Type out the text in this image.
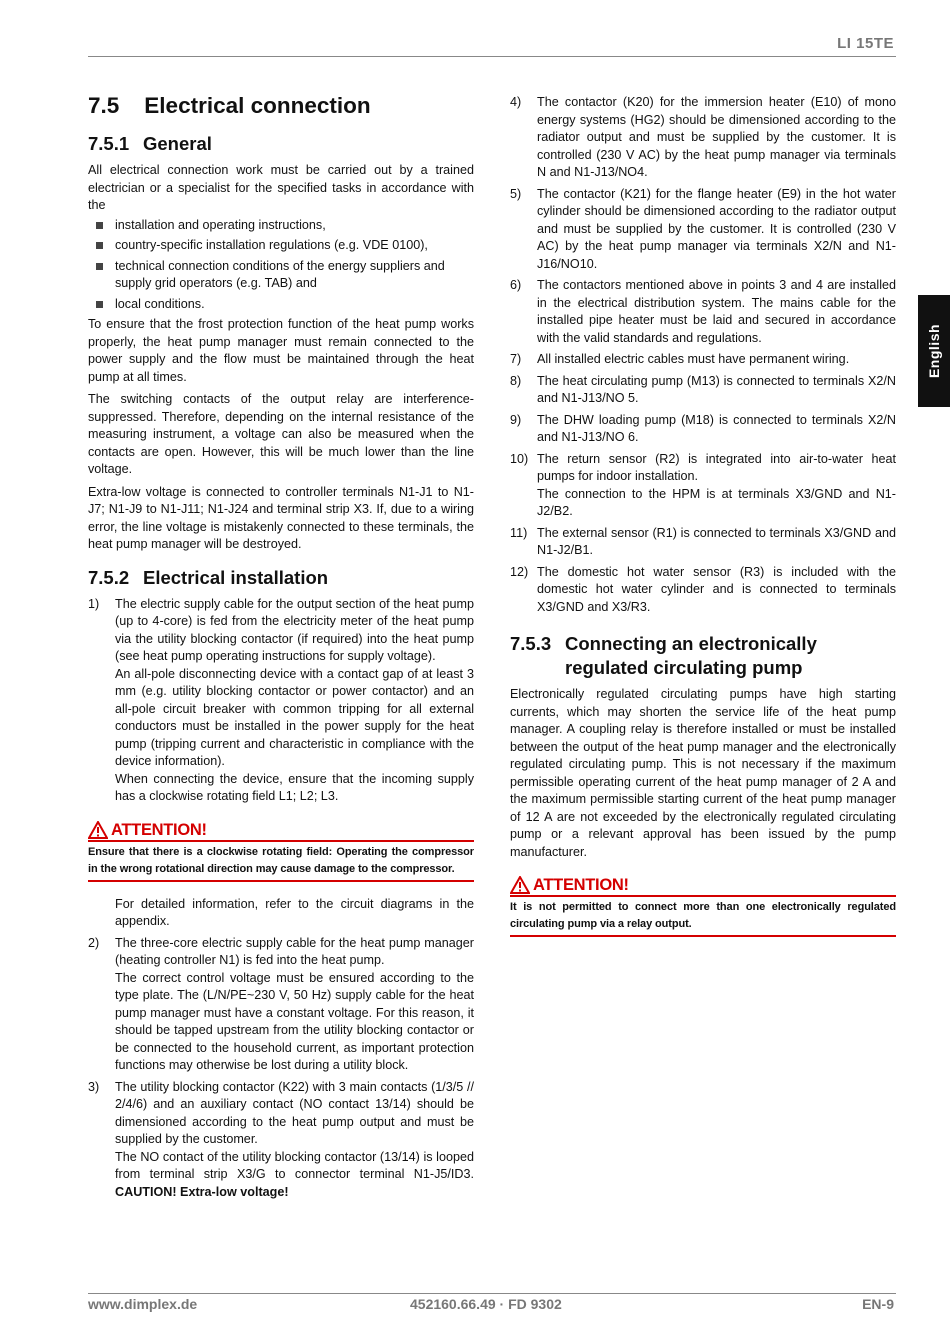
LI 15TE
English
7.5 Electrical connection
7.5.1 General

All electrical connection work must be carried out by a trained electrician or a specialist for the specified tasks in accordance with the

installation and operating instructions,
country-specific installation regulations (e.g. VDE 0100),
technical connection conditions of the energy suppliers and supply grid operators (e.g. TAB) and
local conditions.

To ensure that the frost protection function of the heat pump works properly, the heat pump manager must remain connected to the power supply and the flow must be maintained through the heat pump at all times.

The switching contacts of the output relay are interference-suppressed. Therefore, depending on the internal resistance of the measuring instrument, a voltage can also be measured when the contacts are open. However, this will be much lower than the line voltage.

Extra-low voltage is connected to controller terminals N1-J1 to N1-J7; N1-J9 to N1-J11; N1-J24 and terminal strip X3. If, due to a wiring error, the line voltage is mistakenly connected to these terminals, the heat pump manager will be destroyed.

7.5.2 Electrical installation
1) The electric supply cable for the output section of the heat pump (up to 4-core) is fed from the electricity meter of the heat pump via the utility blocking contactor (if required) into the heat pump (see heat pump operating instructions for supply voltage).

An all-pole disconnecting device with a contact gap of at least 3 mm (e.g. utility blocking contactor or power contactor) and an all-pole circuit breaker with common tripping for all external conductors must be installed in the power supply for the heat pump (tripping current and characteristic in compliance with the device information).

When connecting the device, ensure that the incoming supply has a clockwise rotating field L1; L2; L3.

ATTENTION!
Ensure that there is a clockwise rotating field: Operating the compressor in the wrong rotational direction may cause damage to the compressor.

For detailed information, refer to the circuit diagrams in the appendix.

2) The three-core electric supply cable for the heat pump manager (heating controller N1) is fed into the heat pump.

The correct control voltage must be ensured according to the type plate. The (L/N/PE~230 V, 50 Hz) supply cable for the heat pump manager must have a constant voltage. For this reason, it should be tapped upstream from the utility blocking contactor or be connected to the household current, as important protection functions may otherwise be lost during a utility block.

3) The utility blocking contactor (K22) with 3 main contacts (1/3/5 // 2/4/6) and an auxiliary contact (NO contact 13/14) should be dimensioned according to the heat pump output and must be supplied by the customer.

The NO contact of the utility blocking contactor (13/14) is looped from terminal strip X3/G to connector terminal N1-J5/ID3. CAUTION! Extra-low voltage!

4) The contactor (K20) for the immersion heater (E10) of mono energy systems (HG2) should be dimensioned according to the radiator output and must be supplied by the customer. It is controlled (230 V AC) by the heat pump manager via terminals N and N1-J13/NO4.

5) The contactor (K21) for the flange heater (E9) in the hot water cylinder should be dimensioned according to the radiator output and must be supplied by the customer. It is controlled (230 V AC) by the heat pump manager via terminals X2/N and N1-J16/NO10.

6) The contactors mentioned above in points 3 and 4 are installed in the electrical distribution system. The mains cable for the installed pipe heater must be laid and secured in accordance with the valid standards and regulations.

7) All installed electric cables must have permanent wiring.

8) The heat circulating pump (M13) is connected to terminals X2/N and N1-J13/NO 5.

9) The DHW loading pump (M18) is connected to terminals X2/N and N1-J13/NO 6.

10) The return sensor (R2) is integrated into air-to-water heat pumps for indoor installation.

The connection to the HPM is at terminals X3/GND and N1-J2/B2.

11) The external sensor (R1) is connected to terminals X3/GND and N1-J2/B1.

12) The domestic hot water sensor (R3) is included with the domestic hot water cylinder and is connected to terminals X3/GND and X3/R3.

7.5.3 Connecting an electronically regulated circulating pump

Electronically regulated circulating pumps have high starting currents, which may shorten the service life of the heat pump manager. A coupling relay is therefore installed or must be installed between the output of the heat pump manager and the electronically regulated circulating pump. This is not necessary if the maximum permissible operating current of the heat pump manager of 2 A and the maximum permissible starting current of the heat pump manager of 12 A are not exceeded by the electronically regulated circulating pump or a relevant approval has been issued by the pump manufacturer.

ATTENTION!
It is not permitted to connect more than one electronically regulated circulating pump via a relay output.
www.dimplex.de	452160.66.49 · FD 9302	EN-9
